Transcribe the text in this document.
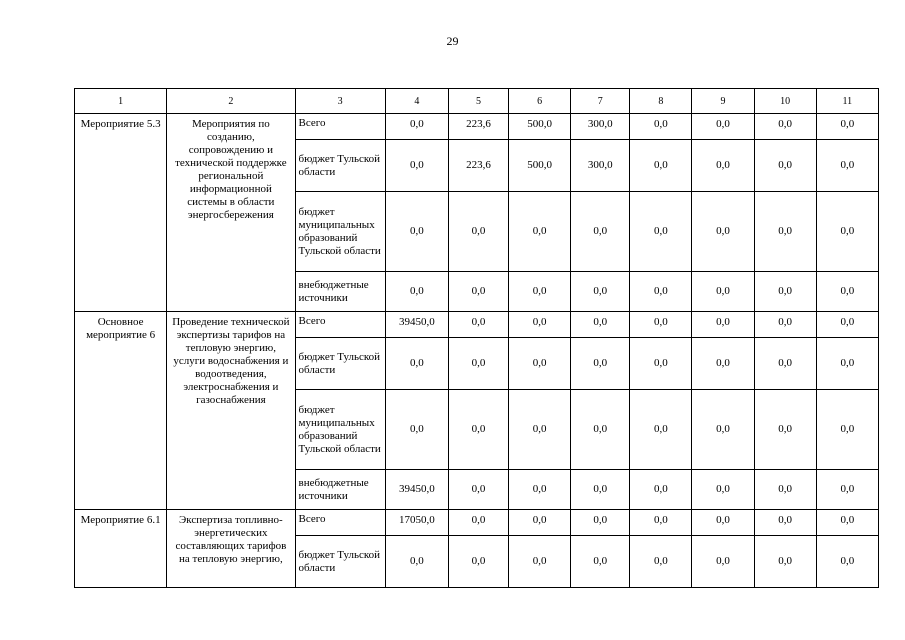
29
1	2	3	4	5	6	7	8	9	10	11
Мероприятие 5.3	Мероприятия по созданию, сопровождению и технической поддержке региональной информационной системы в области энергосбережения	Всего	0,0	223,6	500,0	300,0	0,0	0,0	0,0	0,0
		бюджет Тульской области	0,0	223,6	500,0	300,0	0,0	0,0	0,0	0,0
		бюджет муниципальных образований Тульской области	0,0	0,0	0,0	0,0	0,0	0,0	0,0	0,0
		внебюджетные источники	0,0	0,0	0,0	0,0	0,0	0,0	0,0	0,0
Основное мероприятие 6	Проведение технической экспертизы тарифов на тепловую энергию, услуги водоснабжения и водоотведения, электроснабжения и газоснабжения	Всего	39450,0	0,0	0,0	0,0	0,0	0,0	0,0	0,0
		бюджет Тульской области	0,0	0,0	0,0	0,0	0,0	0,0	0,0	0,0
		бюджет муниципальных образований Тульской области	0,0	0,0	0,0	0,0	0,0	0,0	0,0	0,0
		внебюджетные источники	39450,0	0,0	0,0	0,0	0,0	0,0	0,0	0,0
Мероприятие 6.1	Экспертиза топливно-энергетических составляющих тарифов на тепловую энергию,	Всего	17050,0	0,0	0,0	0,0	0,0	0,0	0,0	0,0
		бюджет Тульской области	0,0	0,0	0,0	0,0	0,0	0,0	0,0	0,0
